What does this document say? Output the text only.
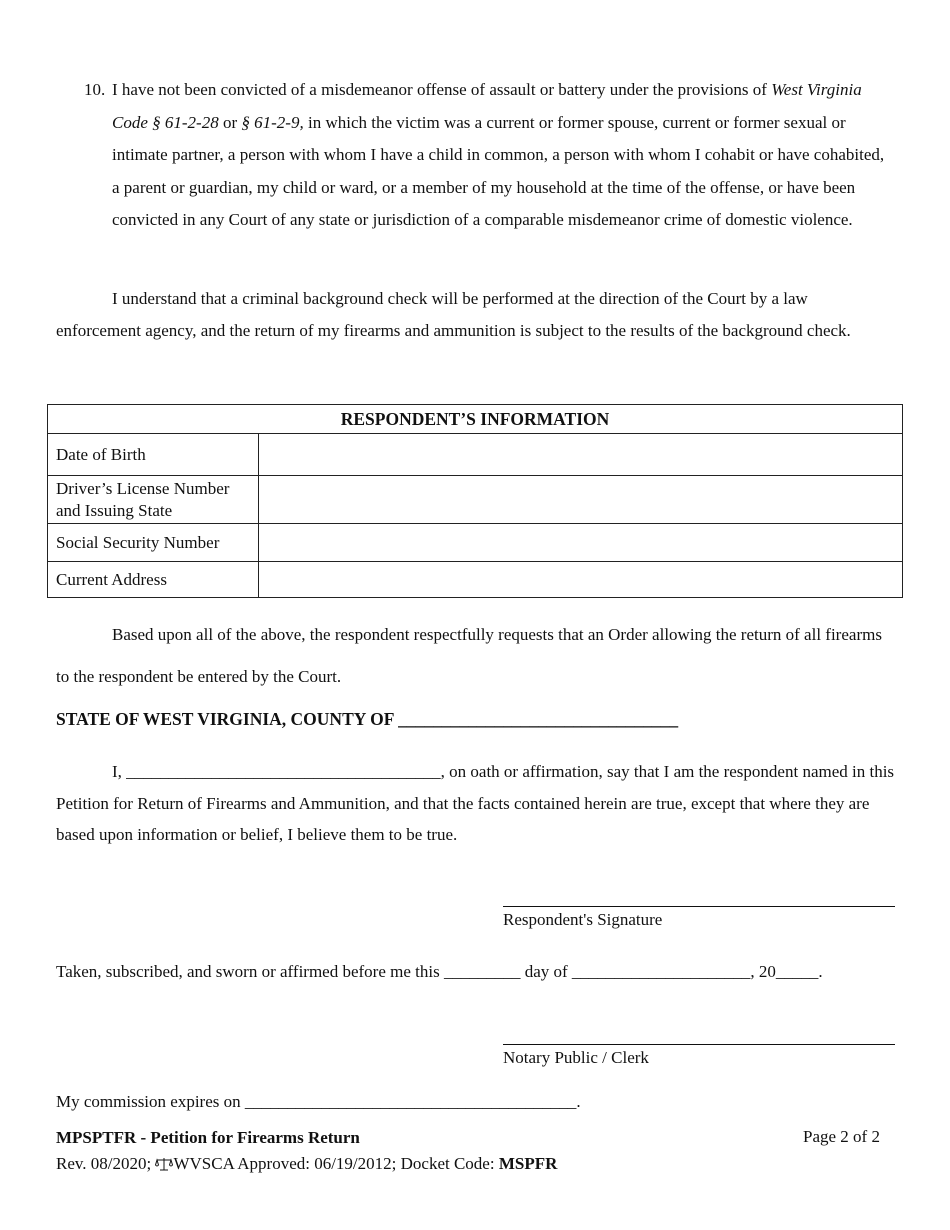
10. I have not been convicted of a misdemeanor offense of assault or battery under the provisions of West Virginia Code § 61-2-28 or § 61-2-9, in which the victim was a current or former spouse, current or former sexual or intimate partner, a person with whom I have a child in common, a person with whom I cohabit or have cohabited, a parent or guardian, my child or ward, or a member of my household at the time of the offense, or have been convicted in any Court of any state or jurisdiction of a comparable misdemeanor crime of domestic violence.
I understand that a criminal background check will be performed at the direction of the Court by a law enforcement agency, and the return of my firearms and ammunition is subject to the results of the background check.
RESPONDENT’S INFORMATION	
Date of Birth	
Driver’s License Number and Issuing State	
Social Security Number	
Current Address	
Based upon all of the above, the respondent respectfully requests that an Order allowing the return of all firearms to the respondent be entered by the Court.
STATE OF WEST VIRGINIA, COUNTY OF ________________________________
I, _____________________________________, on oath or affirmation, say that I am the respondent named in this Petition for Return of Firearms and Ammunition, and that the facts contained herein are true, except that where they are based upon information or belief, I believe them to be true.
Respondent's Signature
Taken, subscribed, and sworn or affirmed before me this _________ day of _____________________, 20_____.
Notary Public / Clerk
My commission expires on _______________________________________.
MPSPTFR - Petition for Firearms Return	Page 2 of 2
Rev. 08/2020; WVSCA Approved: 06/19/2012; Docket Code: MSPFR
